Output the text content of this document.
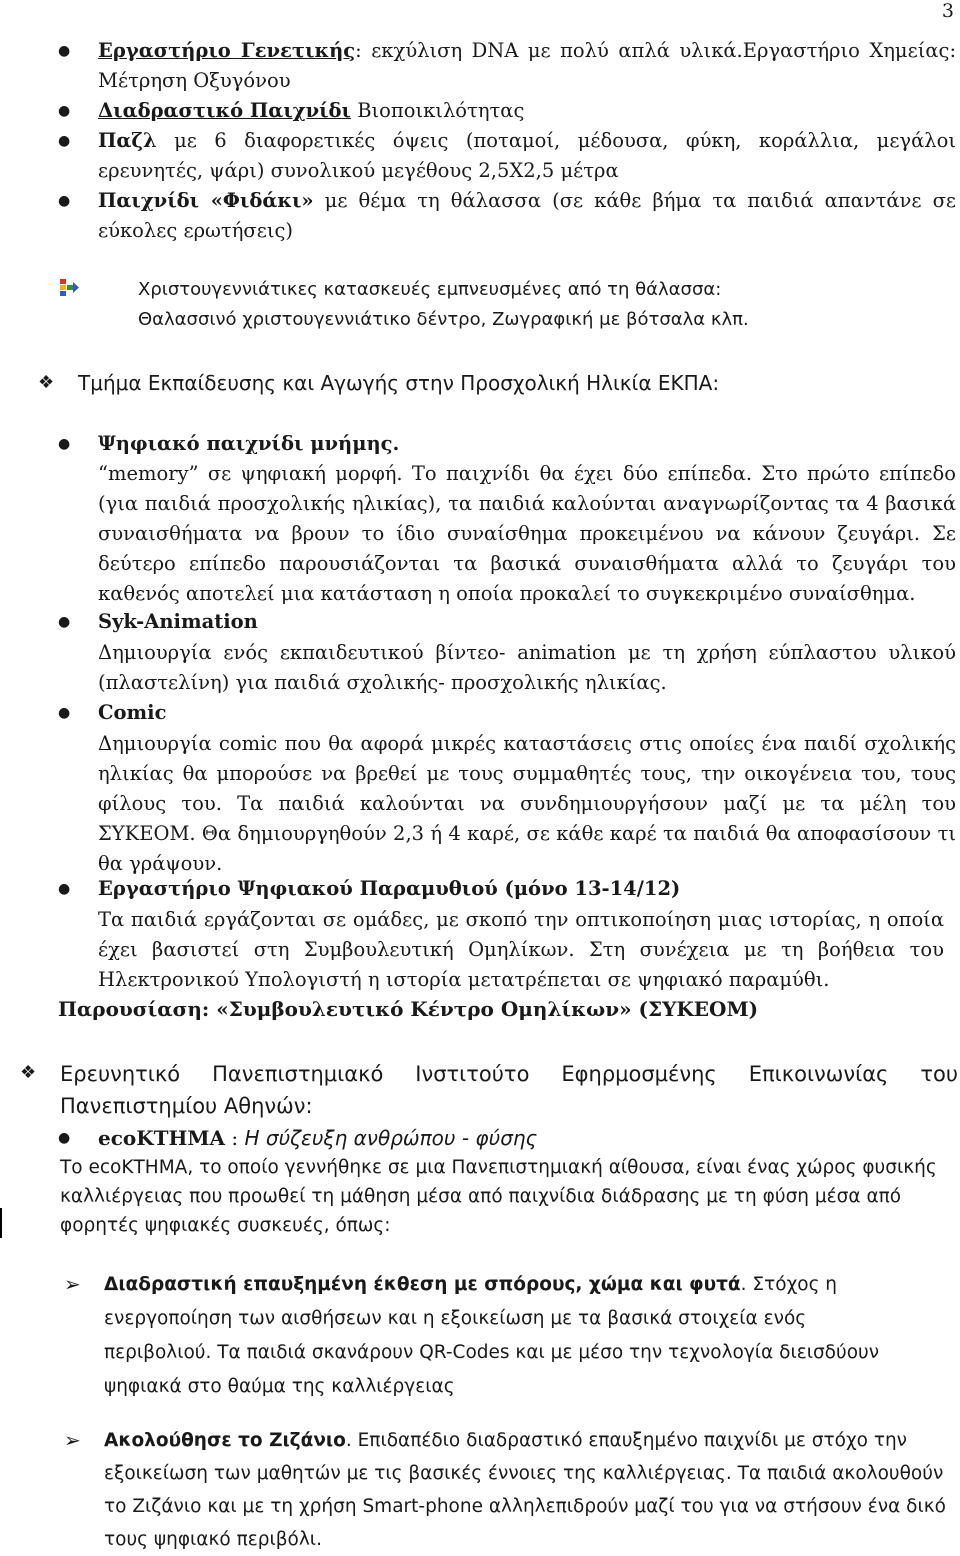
3
● Εργαστήριο Γενετικής: εκχύλιση DNA με πολύ απλά υλικά.Εργαστήριο Χημείας: Μέτρηση Οξυγόνου
● Διαδραστικό Παιχνίδι Βιοποικιλότητας
● Παζλ με 6 διαφορετικές όψεις (ποταμοί, μέδουσα, φύκη, κοράλλια, μεγάλοι ερευνητές, ψάρι) συνολικού μεγέθους 2,5Χ2,5 μέτρα
● Παιχνίδι «Φιδάκι» με θέμα τη θάλασσα (σε κάθε βήμα τα παιδιά απαντάνε σε εύκολες ερωτήσεις)
Χριστουγεννιάτικες κατασκευές εμπνευσμένες από τη θάλασσα:
Θαλασσινό χριστουγεννιάτικο δέντρο, Ζωγραφική με βότσαλα κλπ.
❖ Τμήμα Εκπαίδευσης και Αγωγής στην Προσχολική Ηλικία ΕΚΠΑ:
● Ψηφιακό παιχνίδι μνήμης.
“memory” σε ψηφιακή μορφή. Το παιχνίδι θα έχει δύο επίπεδα. Στο πρώτο επίπεδο (για παιδιά προσχολικής ηλικίας), τα παιδιά καλούνται αναγνωρίζοντας τα 4 βασικά συναισθήματα να βρουν το ίδιο συναίσθημα προκειμένου να κάνουν ζευγάρι. Σε δεύτερο επίπεδο παρουσιάζονται τα βασικά συναισθήματα αλλά το ζευγάρι του καθενός αποτελεί μια κατάσταση η οποία προκαλεί το συγκεκριμένο συναίσθημα.
● Syk-Animation
Δημιουργία ενός εκπαιδευτικού βίντεο- animation με τη χρήση εύπλαστου υλικού (πλαστελίνη) για παιδιά σχολικής- προσχολικής ηλικίας.
● Comic
Δημιουργία comic που θα αφορά μικρές καταστάσεις στις οποίες ένα παιδί σχολικής ηλικίας θα μπορούσε να βρεθεί με τους συμμαθητές τους, την οικογένεια του, τους φίλους του. Τα παιδιά καλούνται να συνδημιουργήσουν μαζί με τα μέλη του ΣΥΚΕΟΜ. Θα δημιουργηθούν 2,3 ή 4 καρέ, σε κάθε καρέ τα παιδιά θα αποφασίσουν τι θα γράψουν.
● Εργαστήριο Ψηφιακού Παραμυθιού (μόνο 13-14/12)
Τα παιδιά εργάζονται σε ομάδες, με σκοπό την οπτικοποίηση μιας ιστορίας, η οποία έχει βασιστεί στη Συμβουλευτική Ομηλίκων. Στη συνέχεια με τη βοήθεια του Ηλεκτρονικού Υπολογιστή η ιστορία μετατρέπεται σε ψηφιακό παραμύθι.
Παρουσίαση: «Συμβουλευτικό Κέντρο Ομηλίκων» (ΣΥΚΕΟΜ)
❖ Ερευνητικό Πανεπιστημιακό Ινστιτούτο Εφηρμοσμένης Επικοινωνίας του Πανεπιστημίου Αθηνών:
● ecoΚΤΗΜΑ : Η σύζευξη ανθρώπου - φύσης
Το ecoΚΤΗΜΑ, το οποίο γεννήθηκε σε μια Πανεπιστημιακή αίθουσα, είναι ένας χώρος φυσικής καλλιέργειας που προωθεί τη μάθηση μέσα από παιχνίδια διάδρασης με τη φύση μέσα από φορητές ψηφιακές συσκευές, όπως:
➢ Διαδραστική επαυξημένη έκθεση με σπόρους, χώμα και φυτά. Στόχος η ενεργοποίηση των αισθήσεων και η εξοικείωση με τα βασικά στοιχεία ενός περιβολιού. Τα παιδιά σκανάρουν QR-Codes και με μέσο την τεχνολογία διεισδύουν ψηφιακά στο θαύμα της καλλιέργειας
➢ Ακολούθησε το Ζιζάνιο. Επιδαπέδιο διαδραστικό επαυξημένο παιχνίδι με στόχο την εξοικείωση των μαθητών με τις βασικές έννοιες της καλλιέργειας. Τα παιδιά ακολουθούν το Ζιζάνιο και με τη χρήση Smart-phone αλληλεπιδρούν μαζί του για να στήσουν ένα δικό τους ψηφιακό περιβόλι.
